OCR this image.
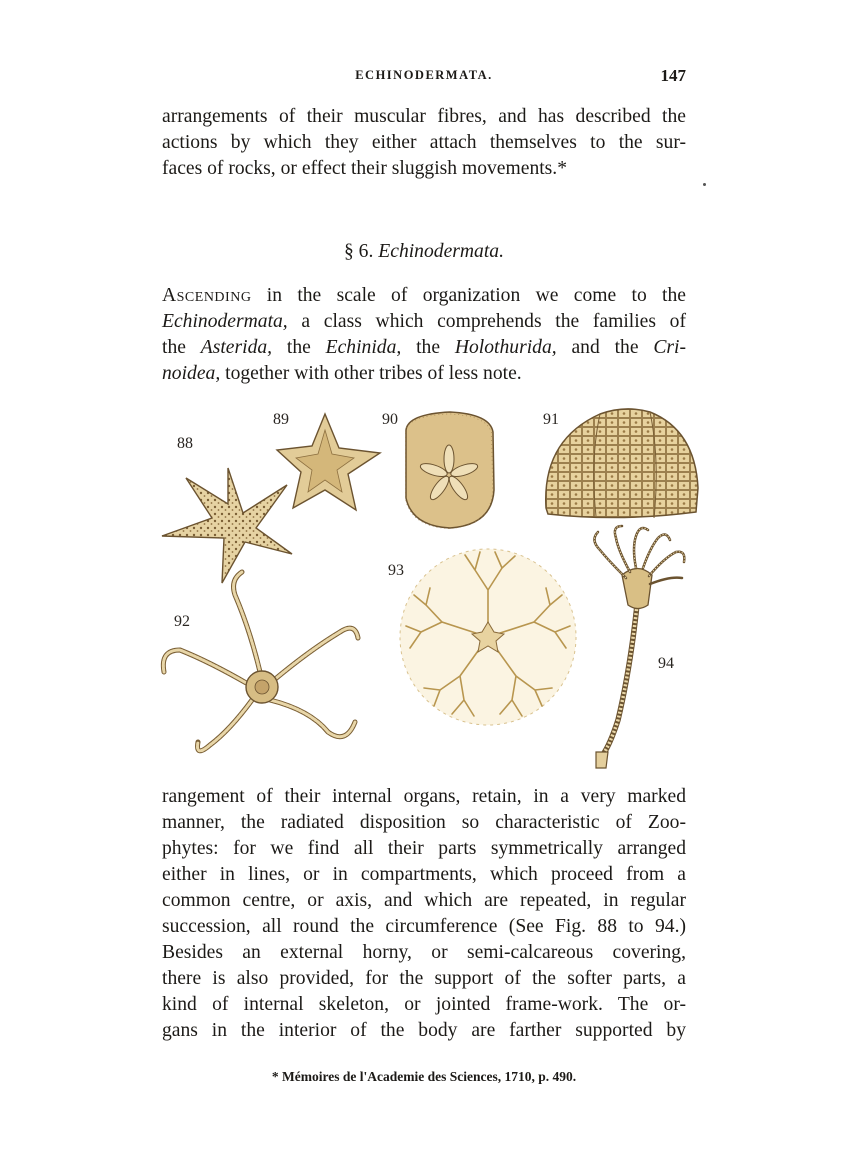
ECHINODERMATA.	147
arrangements of their muscular fibres, and has described the
actions by which they either attach themselves to the sur-
faces of rocks, or effect their sluggish movements.*
§ 6. Echinodermata.
Ascending in the scale of organization we come to the
Echinodermata, a class which comprehends the families of
the Asterida, the Echinida, the Holothurida, and the Cri-
noidea, together with other tribes of less note.
88
89	90	91
92
93
94
rangement of their internal organs, retain, in a very marked
manner, the radiated disposition so characteristic of Zoo-
phytes: for we find all their parts symmetrically arranged
either in lines, or in compartments, which proceed from a
common centre, or axis, and which are repeated, in regular
succession, all round the circumference (See Fig. 88 to 94.)
Besides an external horny, or semi-calcareous covering,
there is also provided, for the support of the softer parts, a
kind of internal skeleton, or jointed frame-work. The or-
gans in the interior of the body are farther supported by
* Mémoires de l'Academie des Sciences, 1710, p. 490.
